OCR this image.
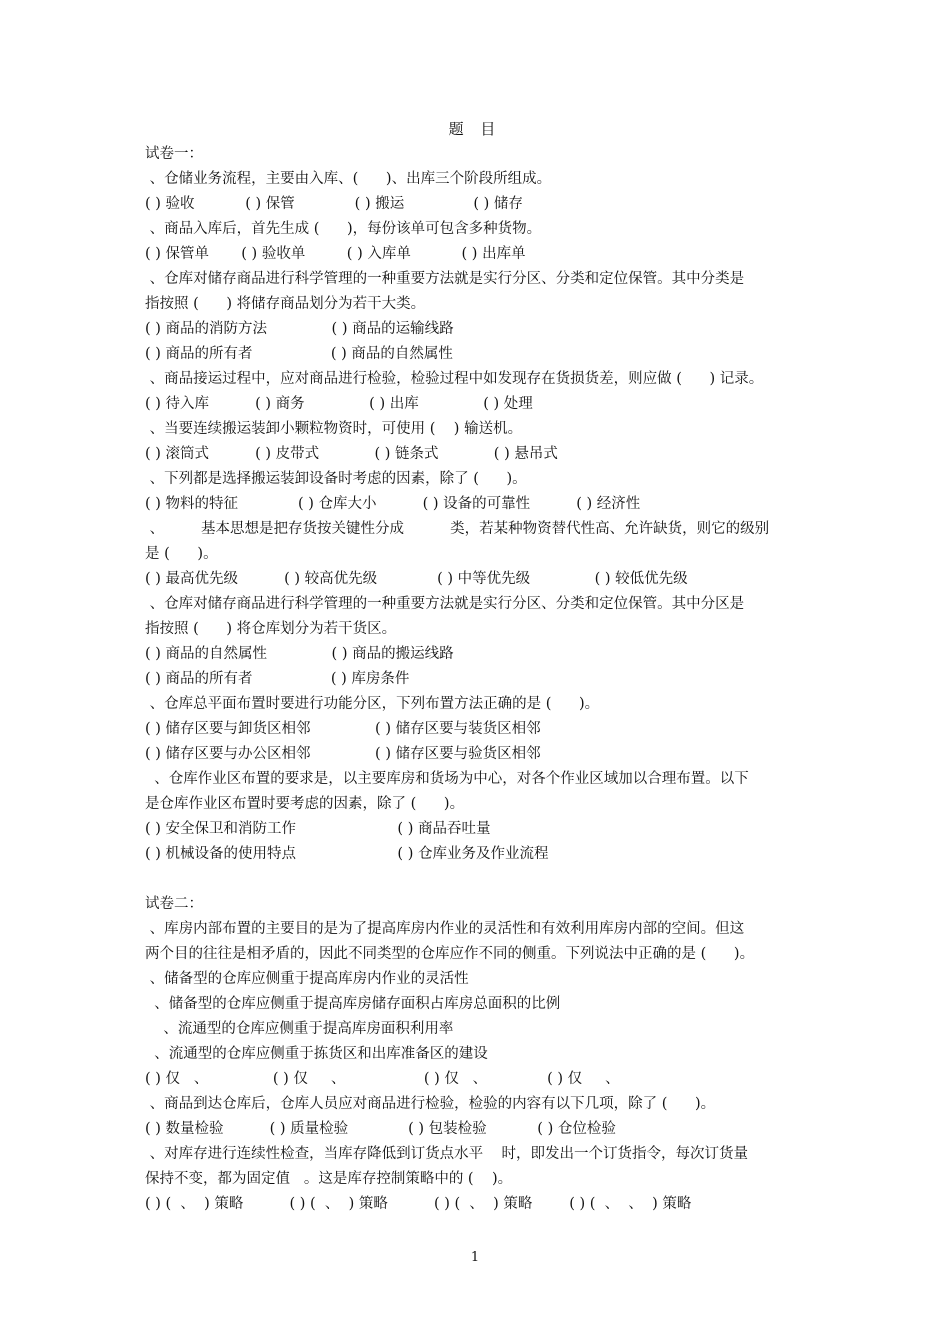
题 目
试卷一：
、仓储业务流程，主要由入库、(      )、出库三个阶段所组成。
( ) 验收           ( ) 保管             ( ) 搬运               ( ) 储存
、商品入库后，首先生成 (      )，每份该单可包含多种货物。
( ) 保管单       ( ) 验收单         ( ) 入库单           ( ) 出库单
、仓库对储存商品进行科学管理的一种重要方法就是实行分区、分类和定位保管。其中分类是
指按照 (      ) 将储存商品划分为若干大类。
( ) 商品的消防方法              ( ) 商品的运输线路
( ) 商品的所有者                 ( ) 商品的自然属性
、商品接运过程中，应对商品进行检验，检验过程中如发现存在货损货差，则应做 (      ) 记录。
( ) 待入库          ( ) 商务              ( ) 出库              ( ) 处理
、当要连续搬运装卸小颗粒物资时，可使用 (    ) 输送机。
( ) 滚筒式          ( ) 皮带式            ( ) 链条式            ( ) 悬吊式
、下列都是选择搬运装卸设备时考虑的因素，除了 (      )。
( ) 物料的特征             ( ) 仓库大小          ( ) 设备的可靠性          ( ) 经济性
、        基本思想是把存货按关键性分成          类，若某种物资替代性高、允许缺货，则它的级别
是 (      )。
( ) 最高优先级          ( ) 较高优先级             ( ) 中等优先级              ( ) 较低优先级
、仓库对储存商品进行科学管理的一种重要方法就是实行分区、分类和定位保管。其中分区是
指按照 (      ) 将仓库划分为若干货区。
( ) 商品的自然属性              ( ) 商品的搬运线路
( ) 商品的所有者                 ( ) 库房条件
、仓库总平面布置时要进行功能分区，下列布置方法正确的是 (      )。
( ) 储存区要与卸货区相邻              ( ) 储存区要与装货区相邻
( ) 储存区要与办公区相邻              ( ) 储存区要与验货区相邻
、仓库作业区布置的要求是，以主要库房和货场为中心，对各个作业区域加以合理布置。以下
是仓库作业区布置时要考虑的因素，除了 (      )。
( ) 安全保卫和消防工作                      ( ) 商品吞吐量
( ) 机械设备的使用特点                      ( ) 仓库业务及作业流程
试卷二：
、库房内部布置的主要目的是为了提高库房内作业的灵活性和有效利用库房内部的空间。但这
两个目的往往是相矛盾的，因此不同类型的仓库应作不同的侧重。下列说法中正确的是 (      )。
、储备型的仓库应侧重于提高库房内作业的灵活性
、储备型的仓库应侧重于提高库房储存面积占库房总面积的比例
、流通型的仓库应侧重于提高库房面积利用率
、流通型的仓库应侧重于拣货区和出库准备区的建设
( ) 仅   、              ( ) 仅     、                 ( ) 仅   、             ( ) 仅     、
、商品到达仓库后，仓库人员应对商品进行检验，检验的内容有以下几项，除了 (      )。
( ) 数量检验          ( ) 质量检验             ( ) 包装检验           ( ) 仓位检验
、对库存进行连续性检查，当库存降低到订货点水平    时，即发出一个订货指令，每次订货量
保持不变，都为固定值   。这是库存控制策略中的 (    )。
( ) (  、  ) 策略          ( ) (  、  ) 策略          ( ) (  、  ) 策略        ( ) (  、  、  ) 策略
1
